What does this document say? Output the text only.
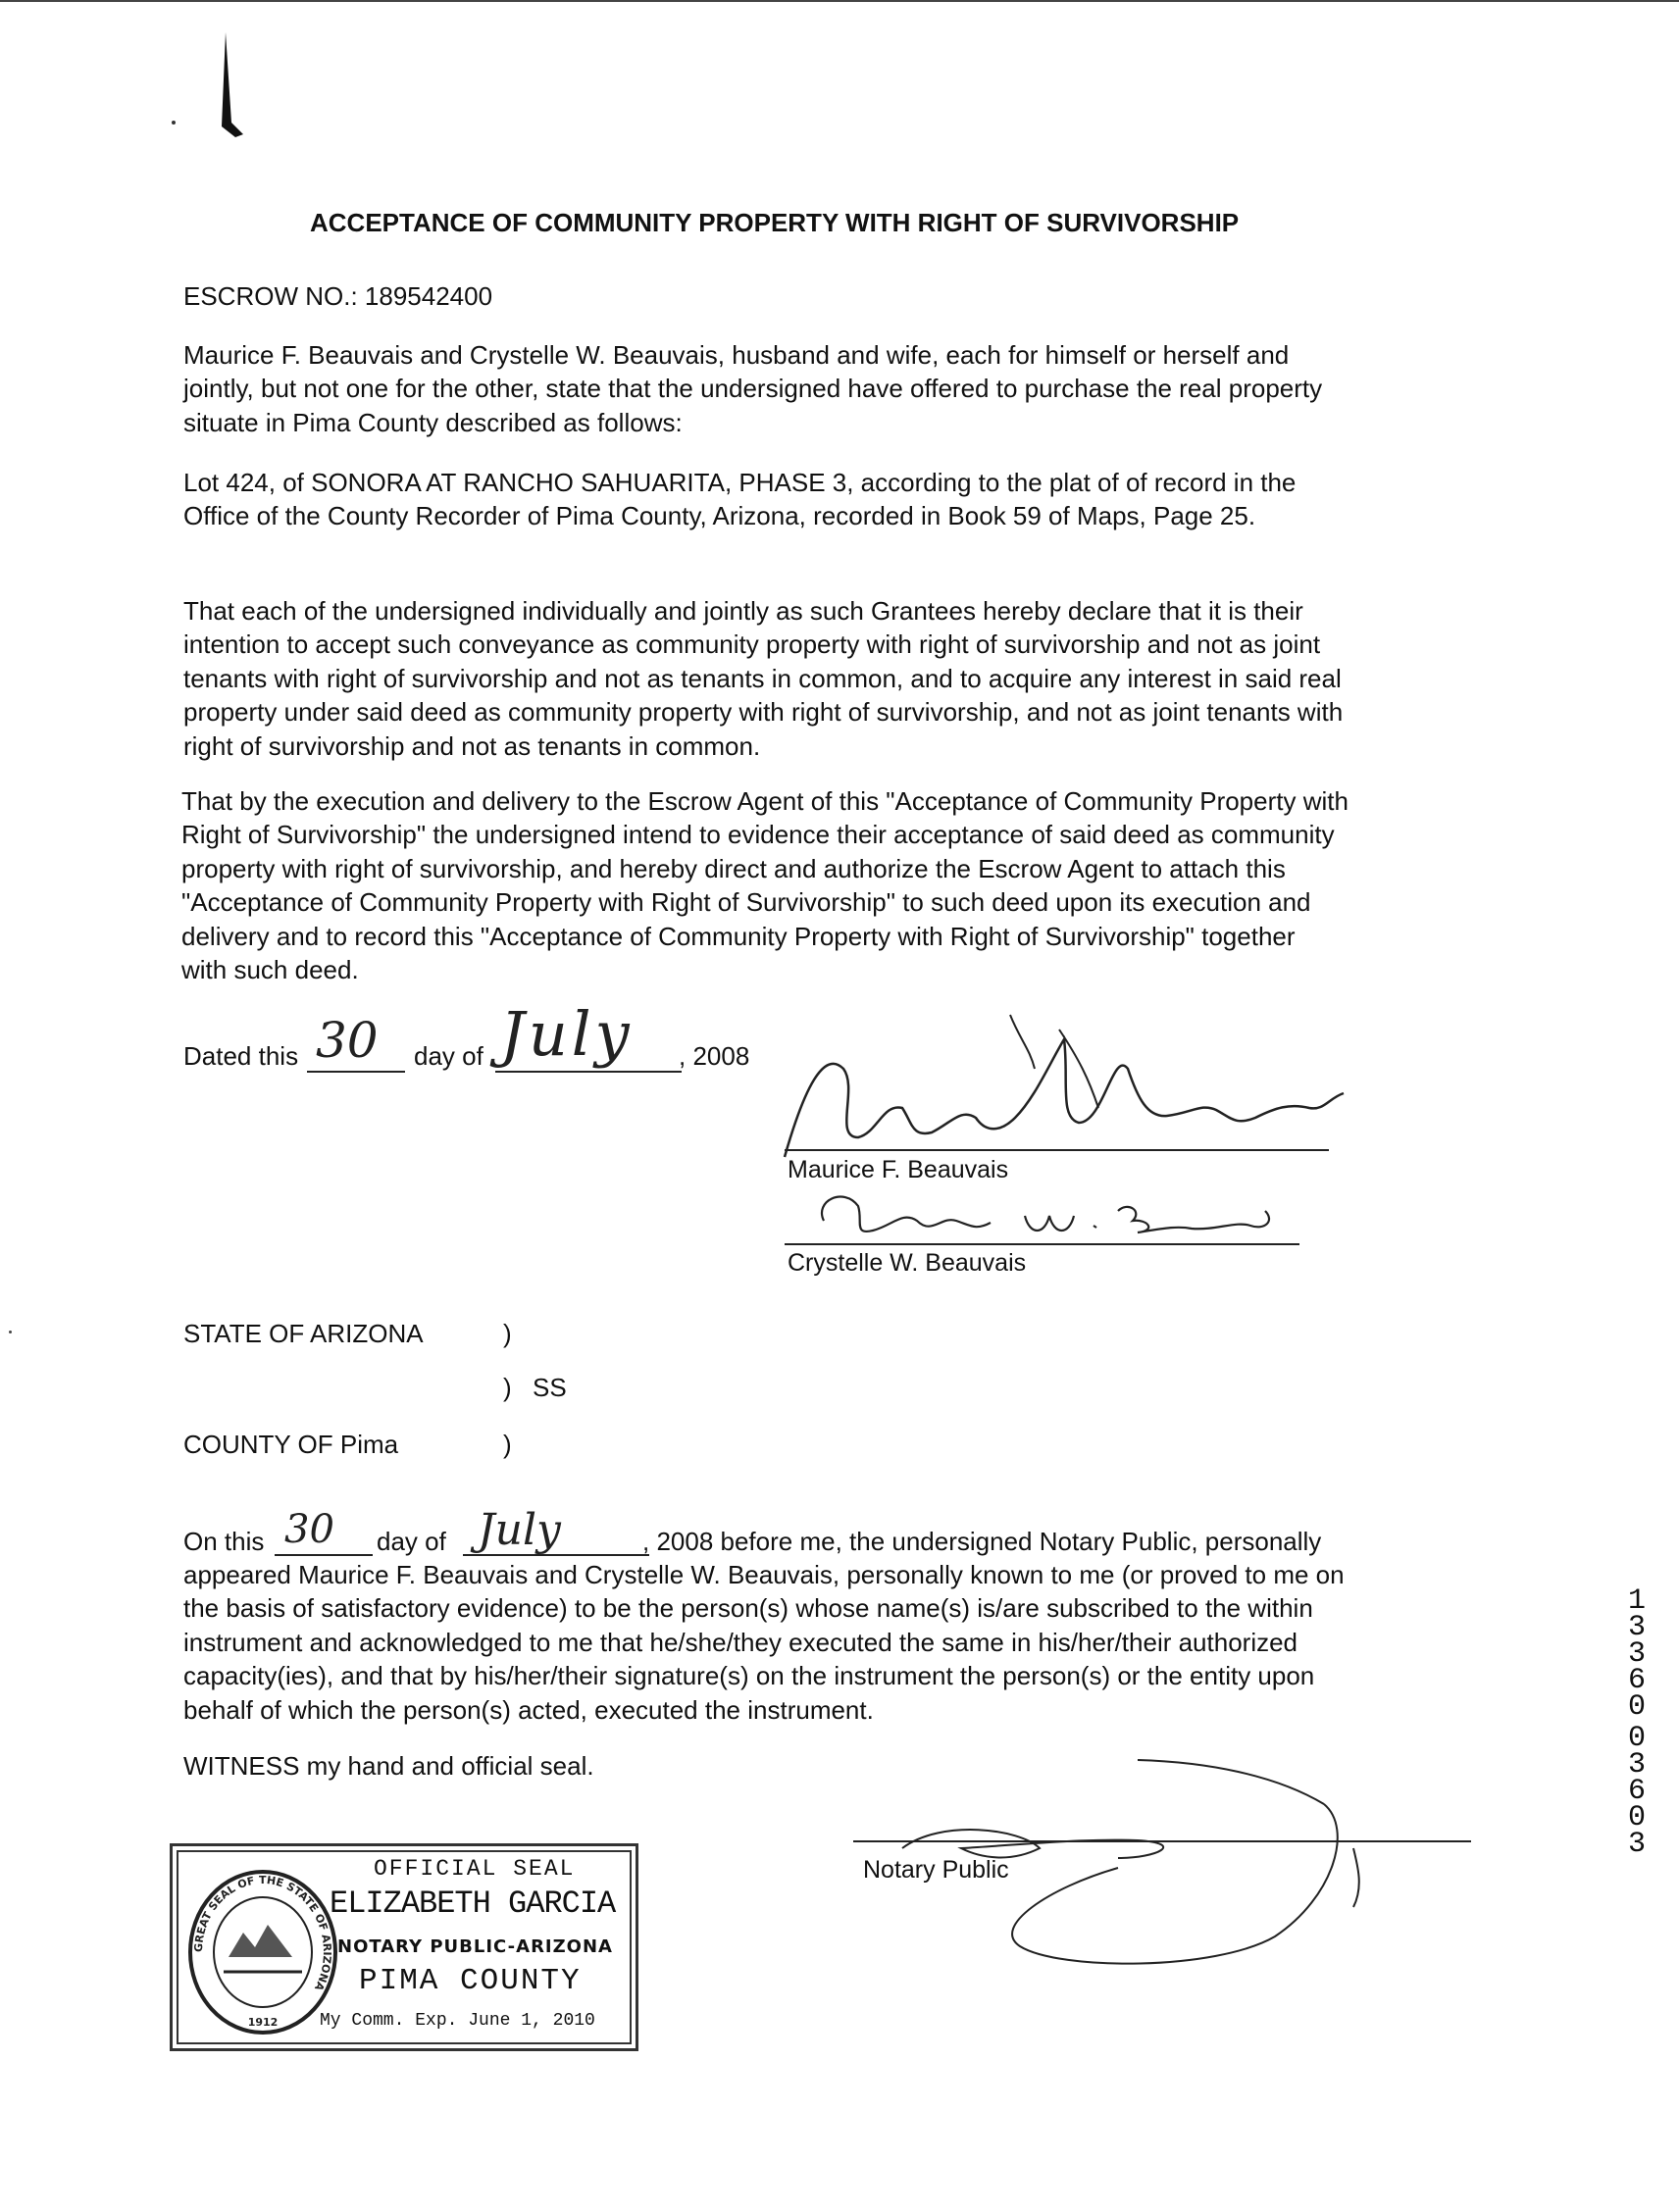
ACCEPTANCE OF COMMUNITY PROPERTY WITH RIGHT OF SURVIVORSHIP
ESCROW NO.: 189542400
Maurice F. Beauvais and Crystelle W. Beauvais, husband and wife, each for himself or herself and
jointly, but not one for the other, state that the undersigned have offered to purchase the real property
situate in Pima County described as follows:
Lot 424, of SONORA AT RANCHO SAHUARITA, PHASE 3, according to the plat of of record in the
Office of the County Recorder of Pima County, Arizona, recorded in Book 59 of Maps, Page 25.
That each of the undersigned individually and jointly as such Grantees hereby declare that it is their
intention to accept such conveyance as community property with right of survivorship and not as joint
tenants with right of survivorship and not as tenants in common, and to acquire any interest in said real
property under said deed as community property with right of survivorship, and not as joint tenants with
right of survivorship and not as tenants in common.
That by the execution and delivery to the Escrow Agent of this "Acceptance of Community Property with
Right of Survivorship" the undersigned intend to evidence their acceptance of said deed as community
property with right of survivorship, and hereby direct and authorize the Escrow Agent to attach this
"Acceptance of Community Property with Right of Survivorship" to such deed upon its execution and
delivery and to record this "Acceptance of Community Property with Right of Survivorship" together
with such deed.
Dated this 30 day of July , 2008
Maurice F. Beauvais
Crystelle W. Beauvais
STATE OF ARIZONA	)
) SS
COUNTY OF Pima	)
On this 30 day of July	, 2008 before me, the undersigned Notary Public, personally
appeared Maurice F. Beauvais and Crystelle W. Beauvais, personally known to me (or proved to me on
the basis of satisfactory evidence) to be the person(s) whose name(s) is/are subscribed to the within
instrument and acknowledged to me that he/she/they executed the same in his/her/their authorized
capacity(ies), and that by his/her/their signature(s) on the instrument the person(s) or the entity upon
behalf of which the person(s) acted, executed the instrument.
WITNESS my hand and official seal.
Notary Public
GREAT SEAL OF THE STATE OF ARIZONA
1912
OFFICIAL SEAL
ELIZABETH GARCIA
NOTARY PUBLIC-ARIZONA
PIMA COUNTY
My Comm. Exp. June 1, 2010
13360
03603
